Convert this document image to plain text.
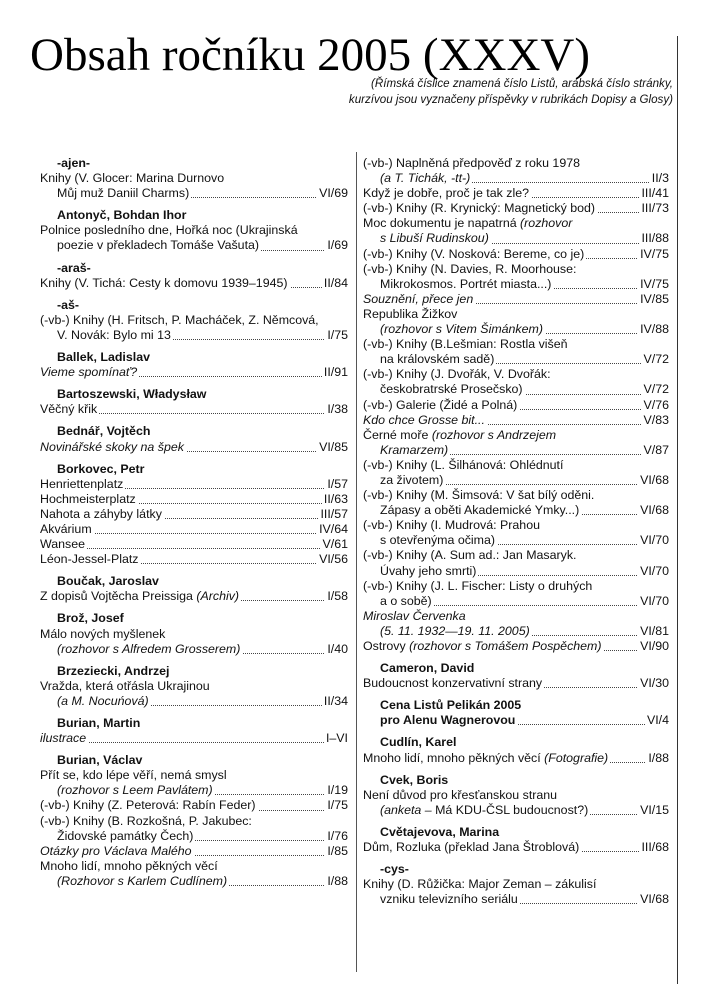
Obsah ročníku 2005 (XXXV)
(Římská číslice znamená číslo Listů, arabská číslo stránky,
kurzívou jsou vyznačeny příspěvky v rubrikách Dopisy a Glosy)
-ajen-
Knihy (V. Glocer: Marina Durnovo
Můj muž Daniil Charms)	VI/69
Antonyč, Bohdan Ihor
Polnice posledního dne, Hořká noc (Ukrajinská
poezie v překladech Tomáše Vašuta)	I/69
-araš-
Knihy (V. Tichá: Cesty k domovu 1939–1945)	II/84
-aš-
(-vb-) Knihy (H. Fritsch, P. Macháček, Z. Němcová,
V. Novák: Bylo mi 13	I/75
Ballek, Ladislav
Vieme spomínať?	II/91
Bartoszewski, Władysław
Věčný křik	I/38
Bednář, Vojtěch
Novinářské skoky na špek	VI/85
Borkovec, Petr
Henriettenplatz	I/57
Hochmeisterplatz	II/63
Nahota a záhyby látky	III/57
Akvárium	IV/64
Wansee	V/61
Léon-Jessel-Platz	VI/56
Boučak, Jaroslav
Z dopisů Vojtěcha Preissiga (Archiv)	I/58
Brož, Josef
Málo nových myšlenek
(rozhovor s Alfredem Grosserem)	I/40
Brzeziecki, Andrzej
Vražda, která otřásla Ukrajinou
(a M. Nocuńová)	II/34
Burian, Martin
ilustrace	I–VI
Burian, Václav
Přít se, kdo lépe věří, nemá smysl
(rozhovor s Leem Pavlátem)	I/19
(-vb-) Knihy (Z. Peterová: Rabín Feder)	I/75
(-vb-) Knihy (B. Rozkošná, P. Jakubec:
Židovské památky Čech)	I/76
Otázky pro Václava Malého	I/85
Mnoho lidí, mnoho pěkných věcí
(Rozhovor s Karlem Cudlínem)	I/88
(-vb-) Naplněná předpověď z roku 1978
(a T. Tichák, -tt-)	II/3
Když je dobře, proč je tak zle?	III/41
(-vb-) Knihy (R. Krynický: Magnetický bod)	III/73
Moc dokumentu je napatrná (rozhovor
s Libuší Rudinskou)	III/88
(-vb-) Knihy (V. Nosková: Bereme, co je)	IV/75
(-vb-) Knihy (N. Davies, R. Moorhouse:
Mikrokosmos. Portrét miasta...)	IV/75
Souznění, přece jen	IV/85
Republika Žižkov
(rozhovor s Vitem Šimánkem)	IV/88
(-vb-) Knihy (B.Lešmian: Rostla višeň
na královském sadě)	V/72
(-vb-) Knihy (J. Dvořák, V. Dvořák:
českobratrské Prosečsko)	V/72
(-vb-) Galerie (Židé a Polná)	V/76
Kdo chce Grosse bit...	V/83
Černé moře (rozhovor s Andrzejem
Kramarzem)	V/87
(-vb-) Knihy (L. Šilhánová: Ohlédnutí
za životem)	VI/68
(-vb-) Knihy (M. Šimsová: V šat bílý oděni.
Zápasy a oběti Akademické Ymky...)	VI/68
(-vb-) Knihy (I. Mudrová: Prahou
s otevřenýma očima)	VI/70
(-vb-) Knihy (A. Sum ad.: Jan Masaryk.
Úvahy jeho smrti)	VI/70
(-vb-) Knihy (J. L. Fischer: Listy o druhých
a o sobě)	VI/70
Miroslav Červenka
(5. 11. 1932—19. 11. 2005)	VI/81
Ostrovy (rozhovor s Tomášem Pospěchem)	VI/90
Cameron, David
Budoucnost konzervativní strany	VI/30
Cena Listů Pelikán 2005
pro Alenu Wagnerovou	VI/4
Cudlín, Karel
Mnoho lidí, mnoho pěkných věcí (Fotografie)	I/88
Cvek, Boris
Není důvod pro křesťanskou stranu
(anketa – Má KDU-ČSL budoucnost?)	VI/15
Cvětajevova, Marina
Dům, Rozluka (překlad Jana Štroblová)	III/68
-cys-
Knihy (D. Růžička: Major Zeman – zákulisí
vzniku televizního seriálu	VI/68
